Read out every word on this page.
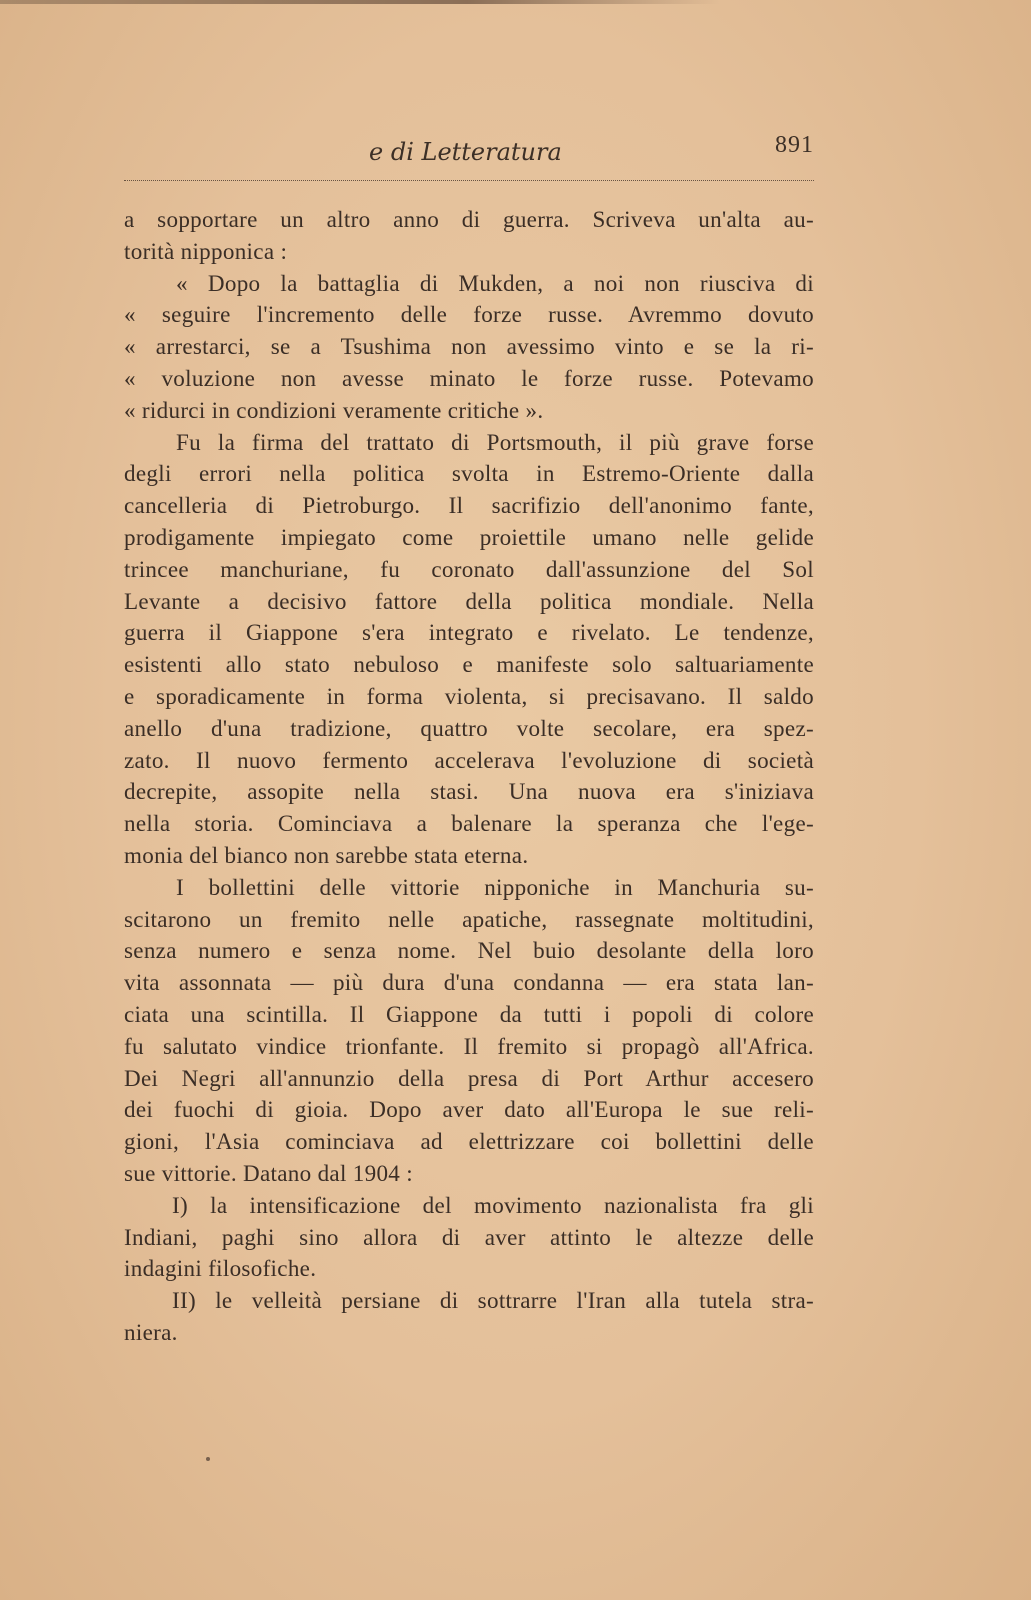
e di Letteratura	891
a sopportare un altro anno di guerra. Scriveva un'alta au-
torità nipponica :
« Dopo la battaglia di Mukden, a noi non riusciva di
« seguire l'incremento delle forze russe. Avremmo dovuto
« arrestarci, se a Tsushima non avessimo vinto e se la ri-
« voluzione non avesse minato le forze russe. Potevamo
« ridurci in condizioni veramente critiche ».
Fu la firma del trattato di Portsmouth, il più grave forse
degli errori nella politica svolta in Estremo-Oriente dalla
cancelleria di Pietroburgo. Il sacrifizio dell'anonimo fante,
prodigamente impiegato come proiettile umano nelle gelide
trincee manchuriane, fu coronato dall'assunzione del Sol
Levante a decisivo fattore della politica mondiale. Nella
guerra il Giappone s'era integrato e rivelato. Le tendenze,
esistenti allo stato nebuloso e manifeste solo saltuariamente
e sporadicamente in forma violenta, si precisavano. Il saldo
anello d'una tradizione, quattro volte secolare, era spez-
zato. Il nuovo fermento accelerava l'evoluzione di società
decrepite, assopite nella stasi. Una nuova era s'iniziava
nella storia. Cominciava a balenare la speranza che l'ege-
monia del bianco non sarebbe stata eterna.
I bollettini delle vittorie nipponiche in Manchuria su-
scitarono un fremito nelle apatiche, rassegnate moltitudini,
senza numero e senza nome. Nel buio desolante della loro
vita assonnata — più dura d'una condanna — era stata lan-
ciata una scintilla. Il Giappone da tutti i popoli di colore
fu salutato vindice trionfante. Il fremito si propagò all'Africa.
Dei Negri all'annunzio della presa di Port Arthur accesero
dei fuochi di gioia. Dopo aver dato all'Europa le sue reli-
gioni, l'Asia cominciava ad elettrizzare coi bollettini delle
sue vittorie. Datano dal 1904 :
I) la intensificazione del movimento nazionalista fra gli
Indiani, paghi sino allora di aver attinto le altezze delle
indagini filosofiche.
II) le velleità persiane di sottrarre l'Iran alla tutela stra-
niera.
